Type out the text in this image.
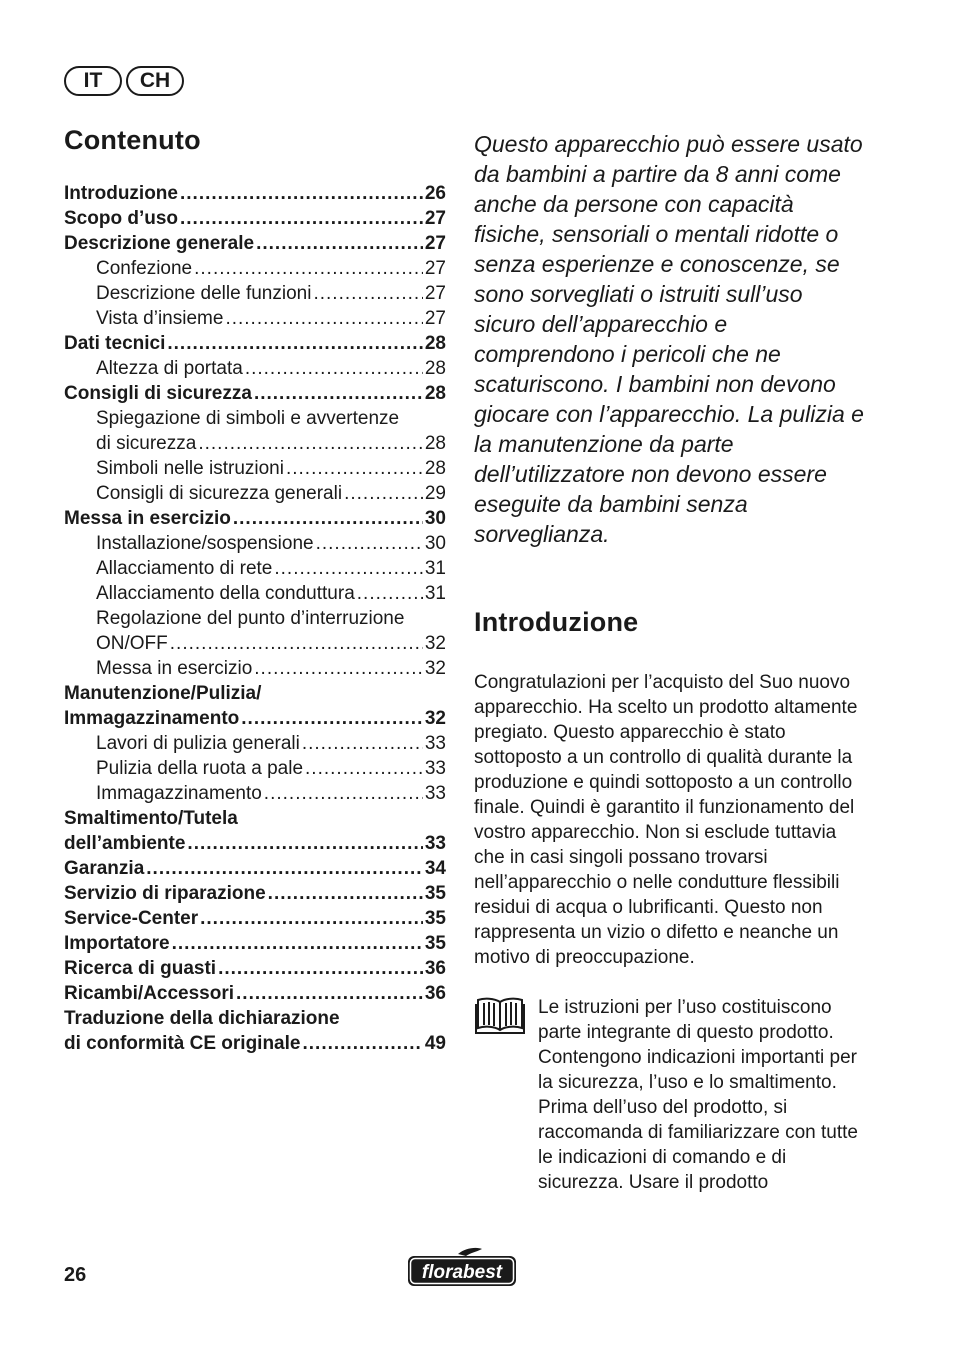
IT	CH
Contenuto
Introduzione .....	26
Scopo d’uso .....	27
Descrizione generale .....	27
Confezione .....	27
Descrizione delle funzioni .....	27
Vista d’insieme .....	27
Dati tecnici .....	28
Altezza di portata .....	28
Consigli di sicurezza .....	28
Spiegazione di simboli e avvertenze
di sicurezza .....	28
Simboli nelle istruzioni .....	28
Consigli di sicurezza generali .....	29
Messa in esercizio .....	30
Installazione/sospensione .....	30
Allacciamento di rete .....	31
Allacciamento della conduttura .....	31
Regolazione del punto d’interruzione
ON/OFF .....	32
Messa in esercizio .....	32
Manutenzione/Pulizia/
Immagazzinamento .....	32
Lavori di pulizia generali .....	33
Pulizia della ruota a pale .....	33
Immagazzinamento .....	33
Smaltimento/Tutela
dell’ambiente .....	33
Garanzia .....	34
Servizio di riparazione .....	35
Service-Center .....	35
Importatore .....	35
Ricerca di guasti .....	36
Ricambi/Accessori .....	36
Traduzione della dichiarazione
di conformità CE originale .....	49

Questo apparecchio può essere usato da bambini a partire da 8 anni come anche da persone con capacità fisiche, sensoriali o mentali ridotte o senza esperienze e conoscenze, se sono sorvegliati o istruiti sull’uso sicuro dell’apparecchio e comprendono i pericoli che ne scaturiscono. I bambini non devono giocare con l’apparecchio. La pulizia e la manutenzione da parte dell’utilizzatore non devono essere eseguite da bambini senza sorveglianza.

Introduzione

Congratulazioni per l’acquisto del Suo nuovo apparecchio. Ha scelto un prodotto altamente pregiato. Questo apparecchio è stato sottoposto a un controllo di qualità durante la produzione e quindi sottoposto a un controllo finale. Quindi è garantito il funzionamento del vostro apparecchio. Non si esclude tuttavia che in casi singoli possano trovarsi nell’apparecchio o nelle condutture flessibili residui di acqua o lubrificanti. Questo non rappresenta un vizio o difetto e neanche un motivo di preoccupazione.

Le istruzioni per l’uso costituiscono parte integrante di questo prodotto. Contengono indicazioni importanti per la sicurezza, l’uso e lo smaltimento. Prima dell’uso del prodotto, si raccomanda di familiarizzare con tutte le indicazioni di comando e di sicurezza. Usare il prodotto

26	florabest
